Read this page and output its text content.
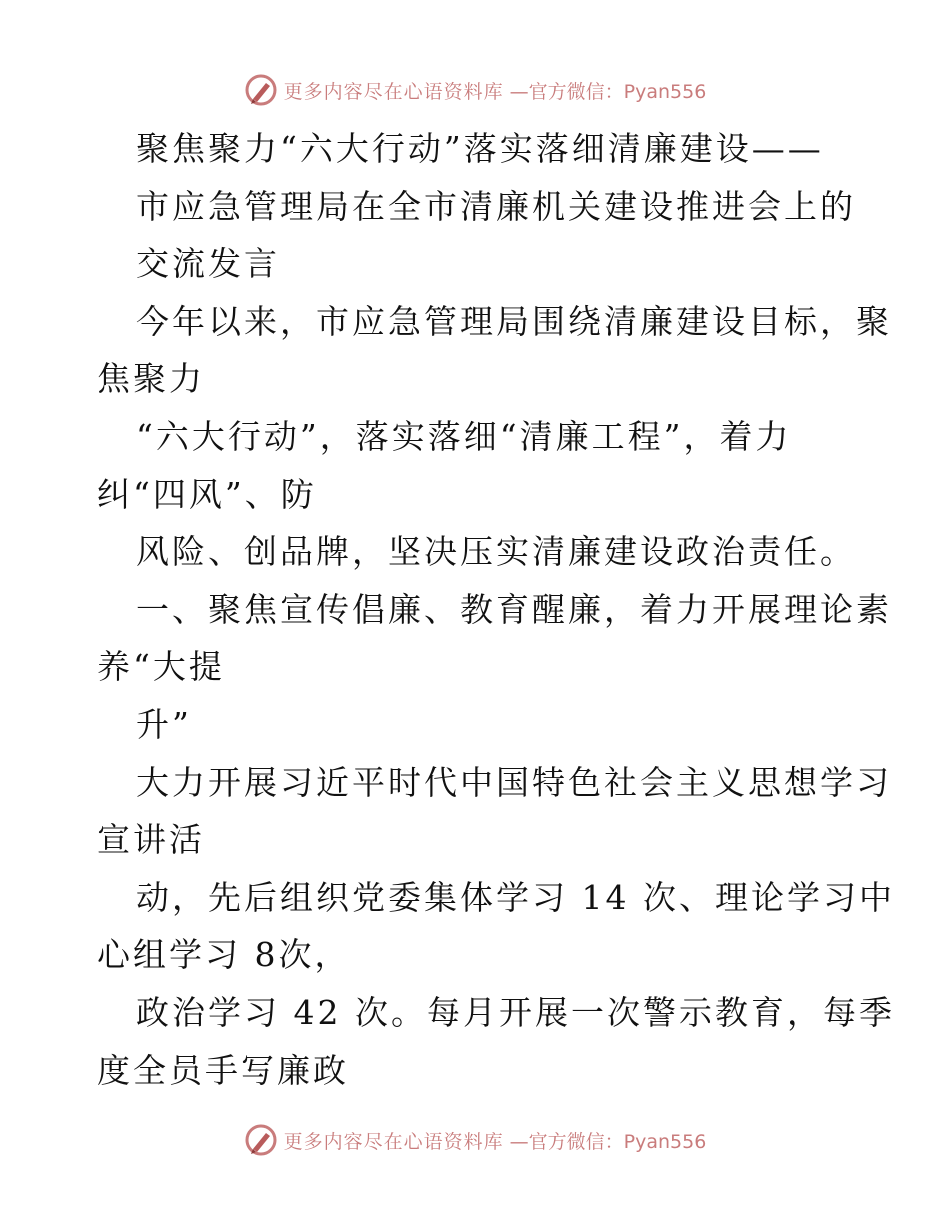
更多内容尽在心语资料库 —官方微信：Pyan556
聚焦聚力“六大行动”落实落细清廉建设——
市应急管理局在全市清廉机关建设推进会上的
交流发言
今年以来，市应急管理局围绕清廉建设目标，聚
焦聚力
“六大行动”，落实落细“清廉工程”，着力
纠“四风”、防
风险、创品牌，坚决压实清廉建设政治责任。
一、聚焦宣传倡廉、教育醒廉，着力开展理论素
养“大提
升”
大力开展习近平时代中国特色社会主义思想学习
宣讲活
动，先后组织党委集体学习 14 次、理论学习中
心组学习 8次，
政治学习 42 次。每月开展一次警示教育，每季
度全员手写廉政
更多内容尽在心语资料库 —官方微信：Pyan556
